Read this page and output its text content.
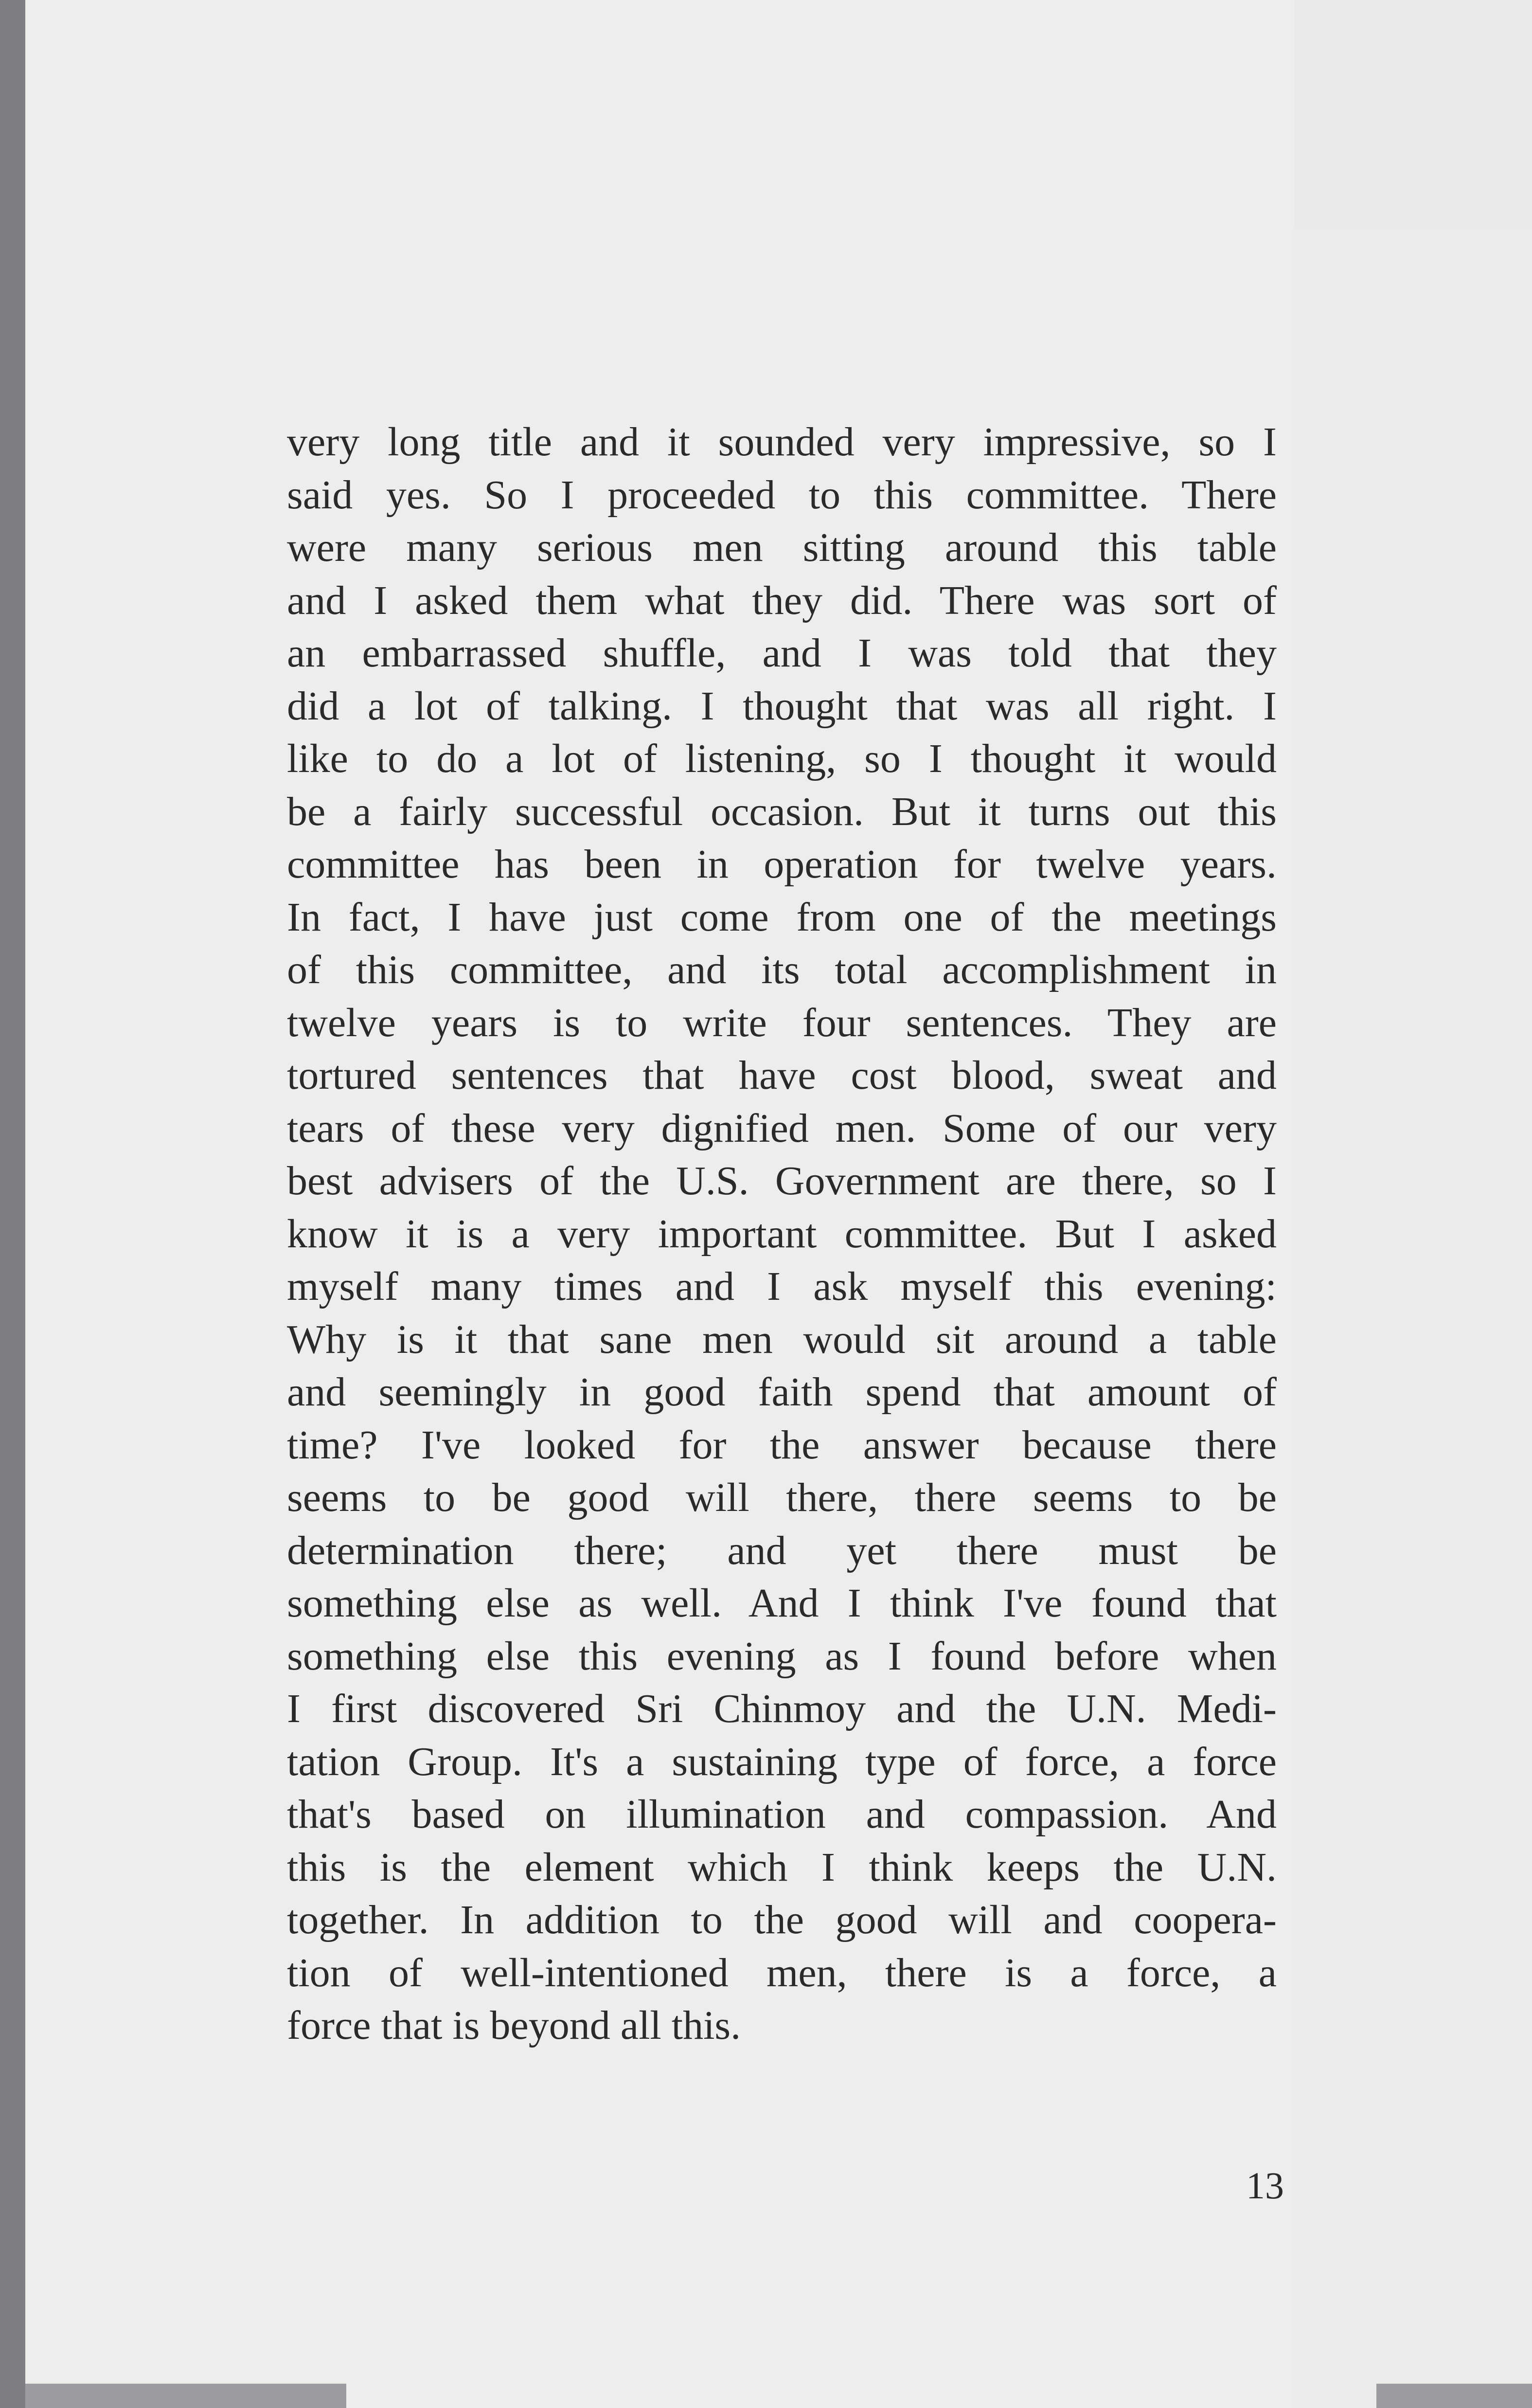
very long title and it sounded very impressive, so I
said yes. So I proceeded to this committee. There
were many serious men sitting around this table
and I asked them what they did. There was sort of
an embarrassed shuffle, and I was told that they
did a lot of talking. I thought that was all right. I
like to do a lot of listening, so I thought it would
be a fairly successful occasion. But it turns out this
committee has been in operation for twelve years.
In fact, I have just come from one of the meetings
of this committee, and its total accomplishment in
twelve years is to write four sentences. They are
tortured sentences that have cost blood, sweat and
tears of these very dignified men. Some of our very
best advisers of the U.S. Government are there, so I
know it is a very important committee. But I asked
myself many times and I ask myself this evening:
Why is it that sane men would sit around a table
and seemingly in good faith spend that amount of
time? I've looked for the answer because there
seems to be good will there, there seems to be
determination there; and yet there must be
something else as well. And I think I've found that
something else this evening as I found before when
I first discovered Sri Chinmoy and the U.N. Medi-
tation Group. It's a sustaining type of force, a force
that's based on illumination and compassion. And
this is the element which I think keeps the U.N.
together. In addition to the good will and coopera-
tion of well-intentioned men, there is a force, a
force that is beyond all this.
13
